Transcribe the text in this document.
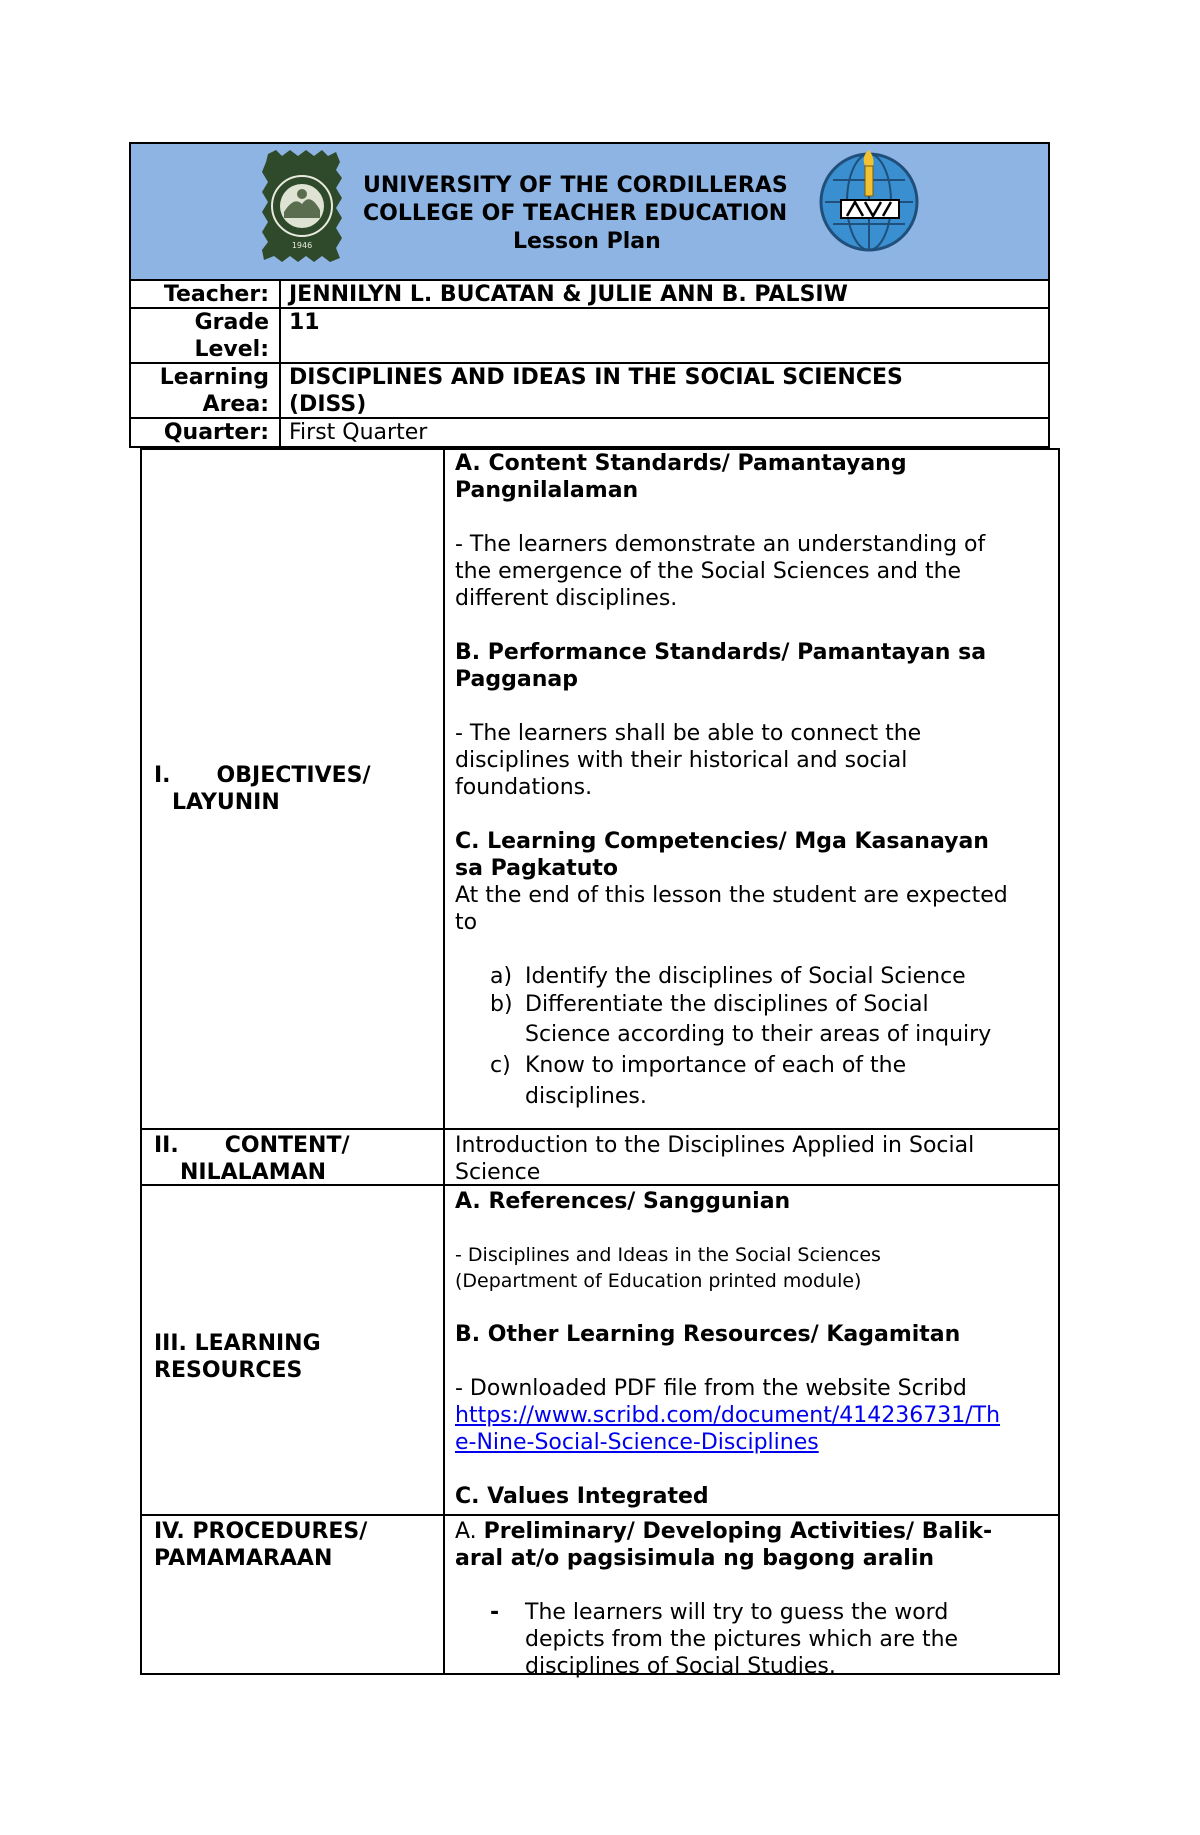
1946
UNIVERSITY OF THE CORDILLERAS
COLLEGE OF TEACHER EDUCATION
Lesson Plan
Teacher: JENNILYN L. BUCATAN & JULIE ANN B. PALSIW
Grade
Level:
11
Learning
Area:
DISCIPLINES AND IDEAS IN THE SOCIAL SCIENCES
(DISS)
Quarter: First Quarter
I. OBJECTIVES/
LAYUNIN
A. Content Standards/ Pamantayang
Pangnilalaman
- The learners demonstrate an understanding of
the emergence of the Social Sciences and the
different disciplines.
B. Performance Standards/ Pamantayan sa
Pagganap
- The learners shall be able to connect the
disciplines with their historical and social
foundations.
C. Learning Competencies/ Mga Kasanayan
sa Pagkatuto
At the end of this lesson the student are expected
to
a) Identify the disciplines of Social Science
b) Differentiate the disciplines of Social
Science according to their areas of inquiry
c) Know to importance of each of the
disciplines.
II. CONTENT/
NILALAMAN
Introduction to the Disciplines Applied in Social
Science
III. LEARNING
RESOURCES
A. References/ Sanggunian
- Disciplines and Ideas in the Social Sciences
(Department of Education printed module)
B. Other Learning Resources/ Kagamitan
- Downloaded PDF file from the website Scribd
https://www.scribd.com/document/414236731/Th
e-Nine-Social-Science-Disciplines
C. Values Integrated
IV. PROCEDURES/
PAMAMARAAN
A. Preliminary/ Developing Activities/ Balik-
aral at/o pagsisimula ng bagong aralin
- The learners will try to guess the word
depicts from the pictures which are the
disciplines of Social Studies.
